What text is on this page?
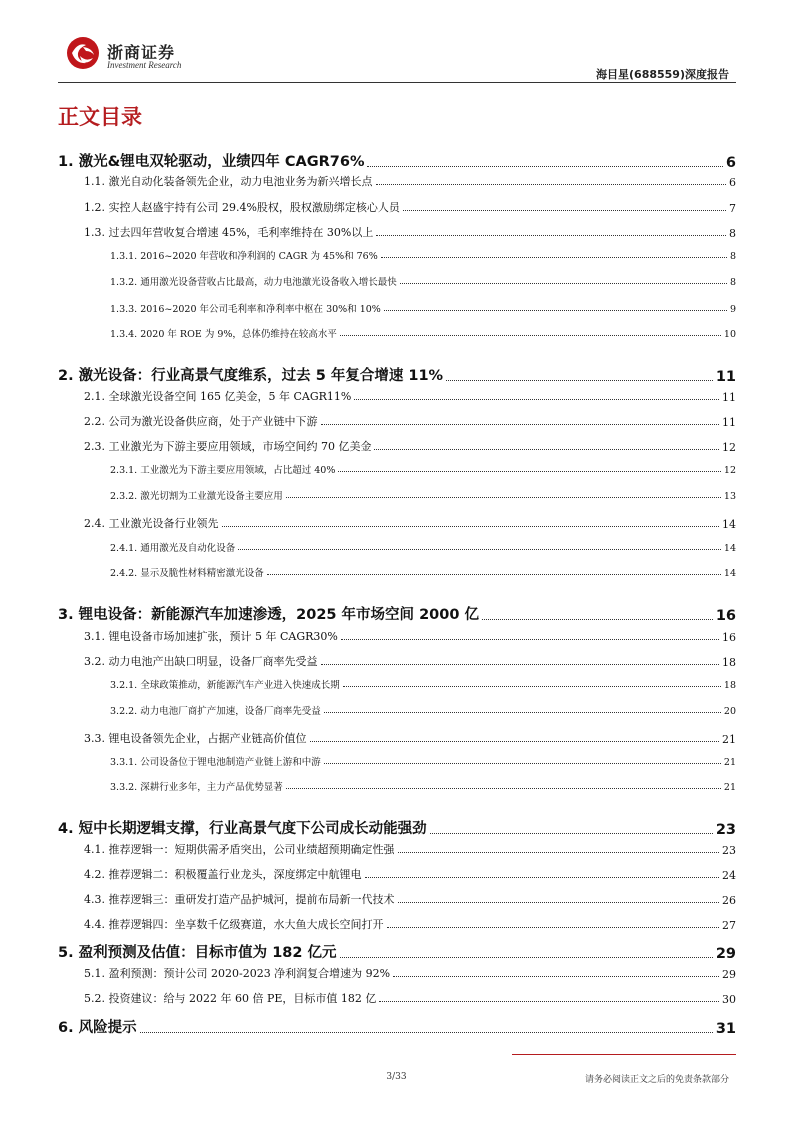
浙商证券
Investment Research
海目星(688559)深度报告
正文目录
1. 激光&锂电双轮驱动，业绩四年 CAGR76%	6
1.1. 激光自动化装备领先企业，动力电池业务为新兴增长点	6
1.2. 实控人赵盛宇持有公司 29.4%股权，股权激励绑定核心人员	7
1.3. 过去四年营收复合增速 45%，毛利率维持在 30%以上	8
1.3.1. 2016~2020 年营收和净利润的 CAGR 为 45%和 76%	8
1.3.2. 通用激光设备营收占比最高，动力电池激光设备收入增长最快	8
1.3.3. 2016~2020 年公司毛利率和净利率中枢在 30%和 10%	9
1.3.4. 2020 年 ROE 为 9%，总体仍维持在较高水平	10
2. 激光设备：行业高景气度维系，过去 5 年复合增速 11%	11
2.1. 全球激光设备空间 165 亿美金，5 年 CAGR11%	11
2.2. 公司为激光设备供应商，处于产业链中下游	11
2.3. 工业激光为下游主要应用领域，市场空间约 70 亿美金	12
2.3.1. 工业激光为下游主要应用领域，占比超过 40%	12
2.3.2. 激光切割为工业激光设备主要应用	13
2.4. 工业激光设备行业领先	14
2.4.1. 通用激光及自动化设备	14
2.4.2. 显示及脆性材料精密激光设备	14
3. 锂电设备：新能源汽车加速渗透，2025 年市场空间 2000 亿	16
3.1. 锂电设备市场加速扩张，预计 5 年 CAGR30%	16
3.2. 动力电池产出缺口明显，设备厂商率先受益	18
3.2.1. 全球政策推动，新能源汽车产业进入快速成长期	18
3.2.2. 动力电池厂商扩产加速，设备厂商率先受益	20
3.3. 锂电设备领先企业，占据产业链高价值位	21
3.3.1. 公司设备位于锂电池制造产业链上游和中游	21
3.3.2. 深耕行业多年，主力产品优势显著	21
4. 短中长期逻辑支撑，行业高景气度下公司成长动能强劲	23
4.1. 推荐逻辑一：短期供需矛盾突出，公司业绩超预期确定性强	23
4.2. 推荐逻辑二：积极覆盖行业龙头，深度绑定中航锂电	24
4.3. 推荐逻辑三：重研发打造产品护城河，提前布局新一代技术	26
4.4. 推荐逻辑四：坐享数千亿级赛道，水大鱼大成长空间打开	27
5. 盈利预测及估值：目标市值为 182 亿元	29
5.1. 盈利预测：预计公司 2020-2023 净利润复合增速为 92%	29
5.2. 投资建议：给与 2022 年 60 倍 PE，目标市值 182 亿	30
6. 风险提示	31
3/33	请务必阅读正文之后的免责条款部分
